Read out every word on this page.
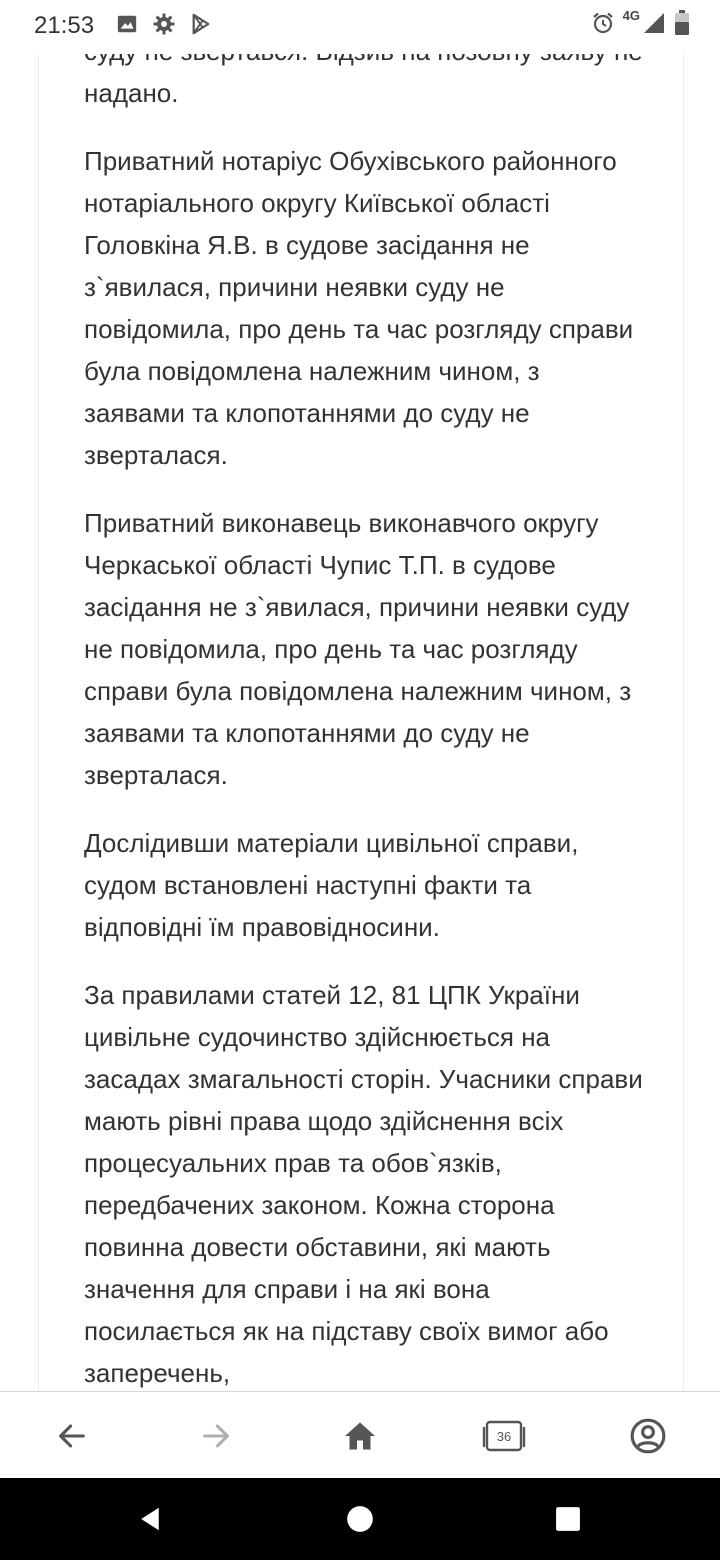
21:53	4G

надано.

Приватний нотаріус Обухівського районного нотаріального округу Київської області Головкіна Я.В. в судове засідання не з`явилася, причини неявки суду не повідомила, про день та час розгляду справи була повідомлена належним чином, з заявами та клопотаннями до суду не зверталася.

Приватний виконавець виконавчого округу Черкаської області Чупис Т.П. в судове засідання не з`явилася, причини неявки суду не повідомила, про день та час розгляду справи була повідомлена належним чином, з заявами та клопотаннями до суду не зверталася.

Дослідивши матеріали цивільної справи, судом встановлені наступні факти та відповідні їм правовідносини.

За правилами статей 12, 81 ЦПК України цивільне судочинство здійснюється на засадах змагальності сторін. Учасники справи мають рівні права щодо здійснення всіх процесуальних прав та обов`язків, передбачених законом. Кожна сторона повинна довести обставини, які мають значення для справи і на які вона посилається як на підставу своїх вимог або заперечень,

36
